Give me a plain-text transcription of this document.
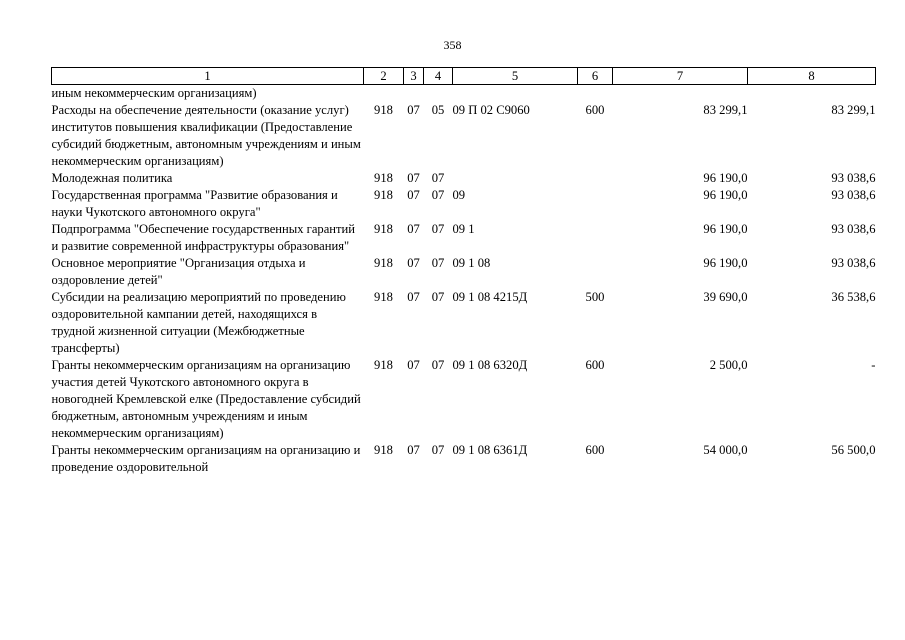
358
1	2	3	4	5	6	7	8
иным некоммерческим организациям)							
Расходы на обеспечение деятельности (оказание услуг) институтов повышения квалификации (Предоставление субсидий бюджетным, автономным учреждениям и иным некоммерческим организациям)	918	07	05	09 П 02 С9060	600	83 299,1	83 299,1
Молодежная политика	918	07	07			96 190,0	93 038,6
Государственная программа "Развитие образования и науки Чукотского автономного округа"	918	07	07	09		96 190,0	93 038,6
Подпрограмма "Обеспечение государственных гарантий и развитие современной инфраструктуры образования"	918	07	07	09 1		96 190,0	93 038,6
Основное мероприятие "Организация отдыха и оздоровление детей"	918	07	07	09 1 08		96 190,0	93 038,6
Субсидии на реализацию мероприятий по проведению оздоровительной кампании детей, находящихся в трудной жизненной ситуации (Межбюджетные трансферты)	918	07	07	09 1 08 4215Д	500	39 690,0	36 538,6
Гранты некоммерческим организациям на организацию участия детей Чукотского автономного округа в новогодней Кремлевской елке (Предоставление субсидий бюджетным, автономным учреждениям и иным некоммерческим организациям)	918	07	07	09 1 08 6320Д	600	2 500,0	-
Гранты некоммерческим организациям на организацию и проведение оздоровительной	918	07	07	09 1 08 6361Д	600	54 000,0	56 500,0
